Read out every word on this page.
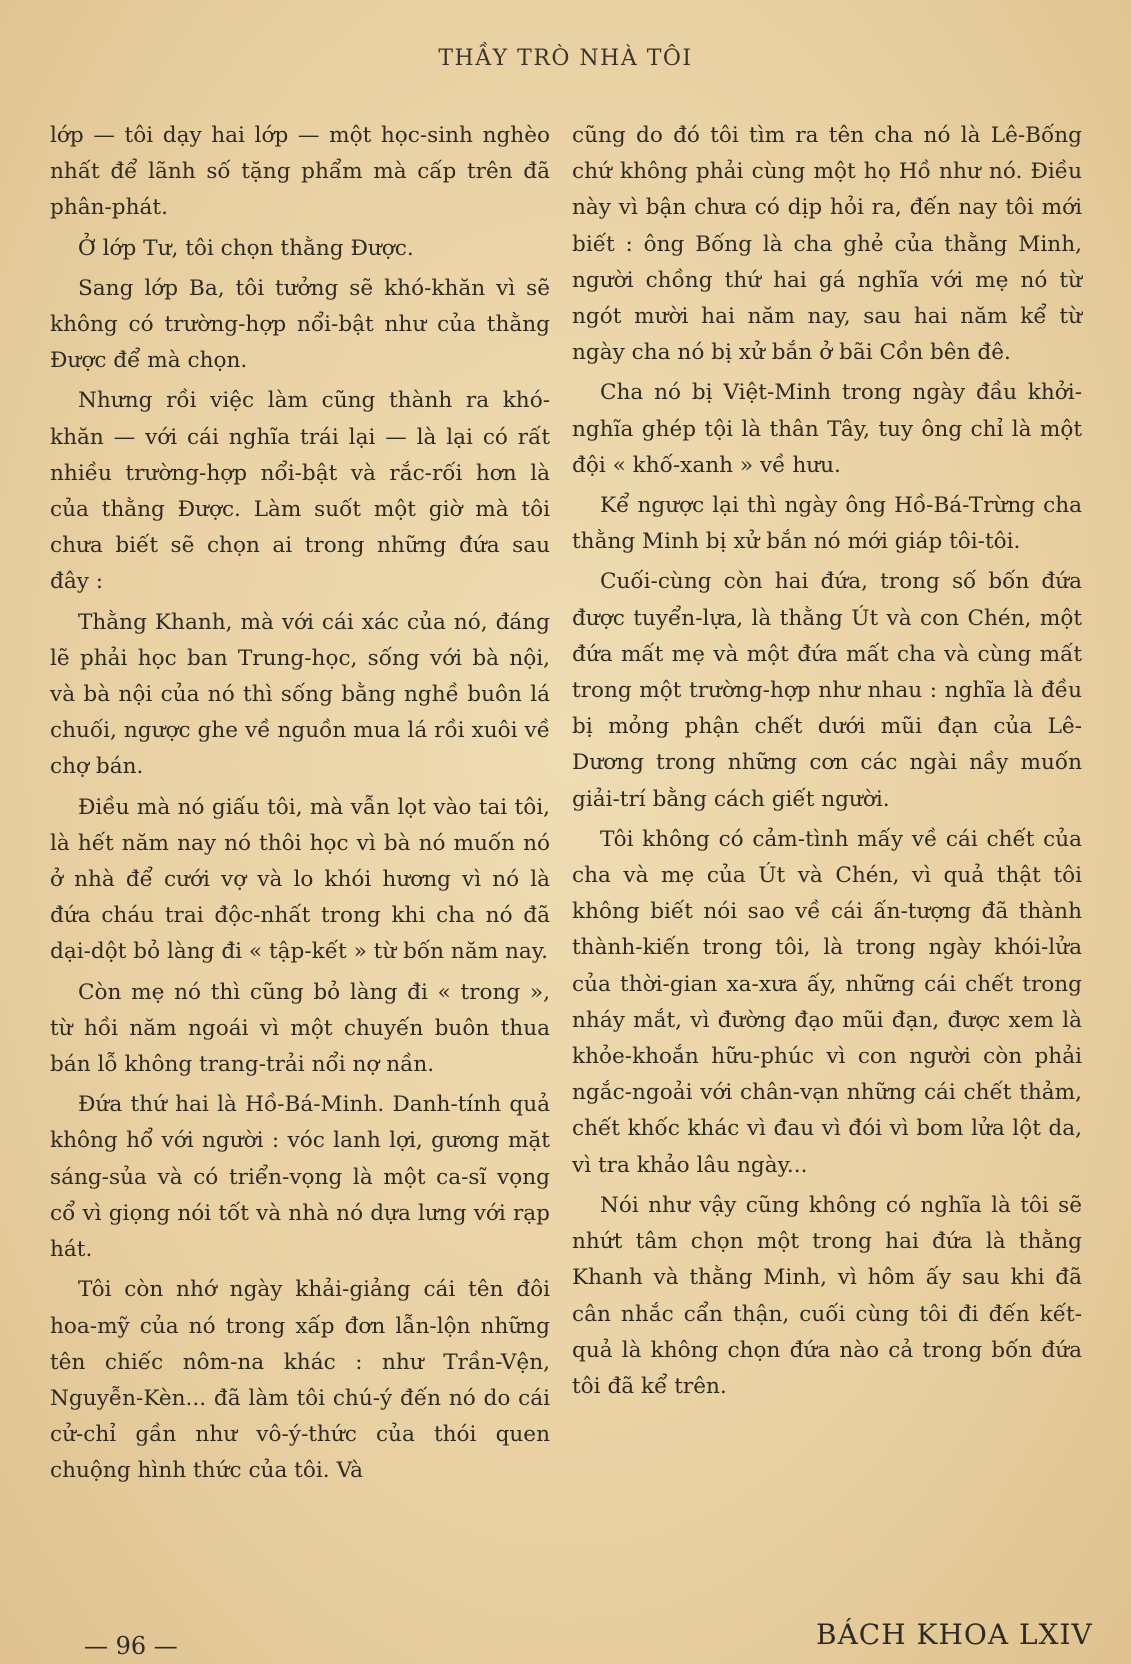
THẦY TRÒ NHÀ TÔI

lớp — tôi dạy hai lớp — một học-sinh nghèo nhất để lãnh số tặng phẩm mà cấp trên đã phân-phát.

Ở lớp Tư, tôi chọn thằng Được.

Sang lớp Ba, tôi tưởng sẽ khó-khăn vì sẽ không có trường-hợp nổi-bật như của thằng Được để mà chọn.

Nhưng rồi việc làm cũng thành ra khó-khăn — với cái nghĩa trái lại — là lại có rất nhiều trường-hợp nổi-bật và rắc-rối hơn là của thằng Được. Làm suốt một giờ mà tôi chưa biết sẽ chọn ai trong những đứa sau đây :

Thằng Khanh, mà với cái xác của nó, đáng lẽ phải học ban Trung-học, sống với bà nội, và bà nội của nó thì sống bằng nghề buôn lá chuối, ngược ghe về nguồn mua lá rồi xuôi về chợ bán.

Điều mà nó giấu tôi, mà vẫn lọt vào tai tôi, là hết năm nay nó thôi học vì bà nó muốn nó ở nhà để cưới vợ và lo khói hương vì nó là đứa cháu trai độc-nhất trong khi cha nó đã dại-dột bỏ làng đi « tập-kết » từ bốn năm nay.

Còn mẹ nó thì cũng bỏ làng đi « trong », từ hồi năm ngoái vì một chuyến buôn thua bán lỗ không trang-trải nổi nợ nần.

Đứa thứ hai là Hồ-Bá-Minh. Danh-tính quả không hổ với người : vóc lanh lợi, gương mặt sáng-sủa và có triển-vọng là một ca-sĩ vọng cổ vì giọng nói tốt và nhà nó dựa lưng với rạp hát.

Tôi còn nhớ ngày khải-giảng cái tên đôi hoa-mỹ của nó trong xấp đơn lẫn-lộn những tên chiếc nôm-na khác : như Trần-Vện, Nguyễn-Kèn... đã làm tôi chú-ý đến nó do cái cử-chỉ gần như vô-ý-thức của thói quen chuộng hình thức của tôi. Và

cũng do đó tôi tìm ra tên cha nó là Lê-Bống chứ không phải cùng một họ Hồ như nó. Điều này vì bận chưa có dịp hỏi ra, đến nay tôi mới biết : ông Bống là cha ghẻ của thằng Minh, người chồng thứ hai gá nghĩa với mẹ nó từ ngót mười hai năm nay, sau hai năm kể từ ngày cha nó bị xử bắn ở bãi Cồn bên đê.

Cha nó bị Việt-Minh trong ngày đầu khởi-nghĩa ghép tội là thân Tây, tuy ông chỉ là một đội « khố-xanh » về hưu.

Kể ngược lại thì ngày ông Hồ-Bá-Trừng cha thằng Minh bị xử bắn nó mới giáp tôi-tôi.

Cuối-cùng còn hai đứa, trong số bốn đứa được tuyển-lựa, là thằng Út và con Chén, một đứa mất mẹ và một đứa mất cha và cùng mất trong một trường-hợp như nhau : nghĩa là đều bị mỏng phận chết dưới mũi đạn của Lê-Dương trong những cơn các ngài nầy muốn giải-trí bằng cách giết người.

Tôi không có cảm-tình mấy về cái chết của cha và mẹ của Út và Chén, vì quả thật tôi không biết nói sao về cái ấn-tượng đã thành thành-kiến trong tôi, là trong ngày khói-lửa của thời-gian xa-xưa ấy, những cái chết trong nháy mắt, vì đường đạo mũi đạn, được xem là khỏe-khoắn hữu-phúc vì con người còn phải ngắc-ngoải với chân-vạn những cái chết thảm, chết khốc khác vì đau vì đói vì bom lửa lột da, vì tra khảo lâu ngày...

Nói như vậy cũng không có nghĩa là tôi sẽ nhứt tâm chọn một trong hai đứa là thằng Khanh và thằng Minh, vì hôm ấy sau khi đã cân nhắc cẩn thận, cuối cùng tôi đi đến kết-quả là không chọn đứa nào cả trong bốn đứa tôi đã kể trên.

— 96 —	BÁCH KHOA LXIV
